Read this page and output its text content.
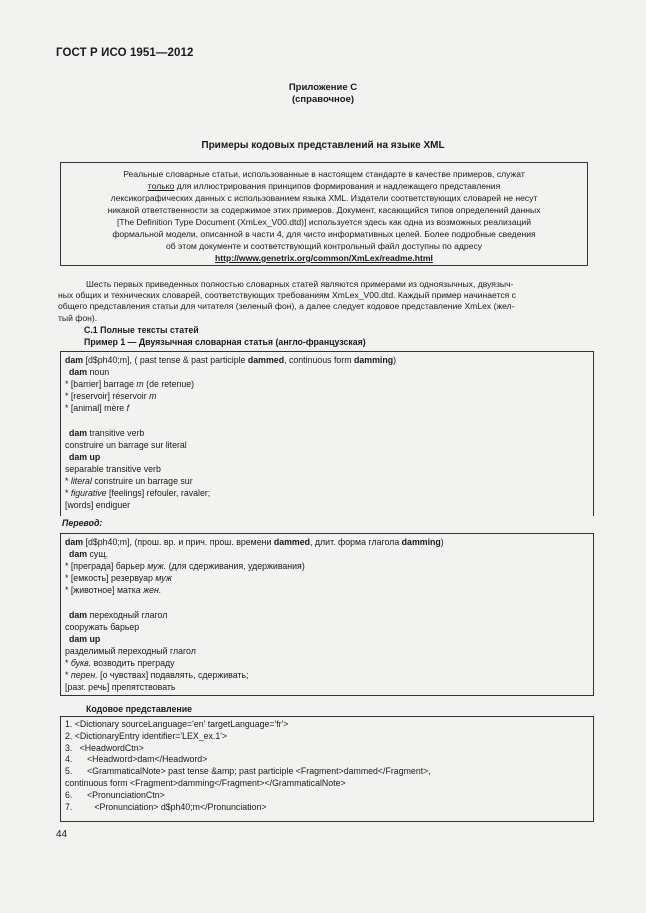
ГОСТ Р ИСО 1951—2012
Приложение С
(справочное)
Примеры кодовых представлений на языке XML
Реальные словарные статьи, использованные в настоящем стандарте в качестве примеров, служат
только для иллюстрирования принципов формирования и надлежащего представления
лексикографических данных с использованием языка XML. Издатели соответствующих словарей не несут
никакой ответственности за содержимое этих примеров. Документ, касающийся типов определений данных
[The Definition Type Document (XmLex_V00.dtd)] используется здесь как одна из возможных реализаций
формальной модели, описанной в части 4, для чисто информативных целей. Более подробные сведения
об этом документе и соответствующий контрольный файл доступны по адресу
http://www.genetrix.org/common/XmLex/readme.html
Шесть первых приведенных полностью словарных статей являются примерами из одноязычных, двуязыч-
ных общих и технических словарей, соответствующих требованиям XmLex_V00.dtd. Каждый пример начинается с
общего представления статьи для читателя (зеленый фон), а далее следует кодовое представление XmLex (жел-
тый фон).
С.1 Полные тексты статей
Пример 1 — Двуязычная словарная статья (англо-французская)
dam [d$ph40;m], ( past tense & past participle dammed, continuous form damming)
dam noun
* [barrier] barrage m (de retenue)
* [reservoir] réservoir m
* [animal] mère f
dam transitive verb
construire un barrage sur literal
dam up
separable transitive verb
* literal construire un barrage sur
* figurative [feelings] refouler, ravaler;
[words] endiguer
Перевод:
dam [d$ph40;m], (прош. вр. и прич. прош. времени dammed, длит. форма глагола damming)
dam сущ.
* [преграда] барьер муж. (для сдерживания, удерживания)
* [емкость] резервуар муж
* [животное] матка жен.
dam переходный глагол
сооружать барьер
dam up
разделимый переходный глагол
* букв. возводить преграду
* перен. [о чувствах] подавлять, сдерживать;
[разг. речь] препятствовать
Кодовое представление
1. <Dictionary sourceLanguage='en' targetLanguage='fr'>
2. <DictionaryEntry identifier='LEX_ex.1'>
3.   <HeadwordCtn>
4.      <Headword>dam</Headword>
5.      <GrammaticalNote> past tense &amp; past participle <Fragment>dammed</Fragment>,
continuous form <Fragment>damming</Fragment></GrammaticalNote>
6.      <PronunciationCtn>
7.         <Pronunciation> d$ph40;m</Pronunciation>
44
